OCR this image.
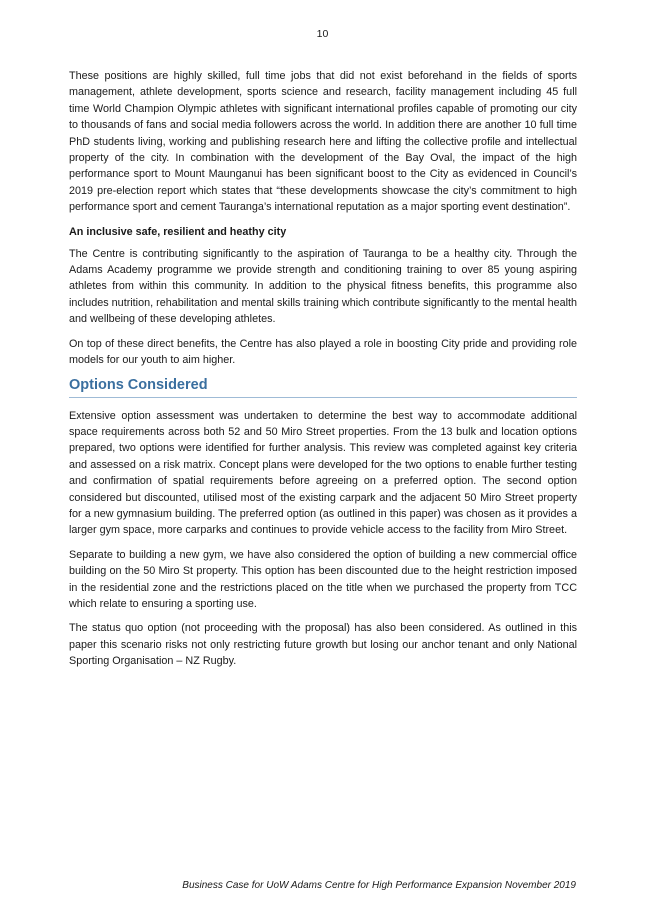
10

These positions are highly skilled, full time jobs that did not exist beforehand in the fields of sports management, athlete development, sports science and research, facility management including 45 full time World Champion Olympic athletes with significant international profiles capable of promoting our city to thousands of fans and social media followers across the world. In addition there are another 10 full time PhD students living, working and publishing research here and lifting the collective profile and intellectual property of the city. In combination with the development of the Bay Oval, the impact of the high performance sport to Mount Maunganui has been significant boost to the City as evidenced in Council’s 2019 pre-election report which states that “these developments showcase the city’s commitment to high performance sport and cement Tauranga’s international reputation as a major sporting event destination”.

An inclusive safe, resilient and heathy city

The Centre is contributing significantly to the aspiration of Tauranga to be a healthy city. Through the Adams Academy programme we provide strength and conditioning training to over 85 young aspiring athletes from within this community. In addition to the physical fitness benefits, this programme also includes nutrition, rehabilitation and mental skills training which contribute significantly to the mental health and wellbeing of these developing athletes.

On top of these direct benefits, the Centre has also played a role in boosting City pride and providing role models for our youth to aim higher.

Options Considered

Extensive option assessment was undertaken to determine the best way to accommodate additional space requirements across both 52 and 50 Miro Street properties. From the 13 bulk and location options prepared, two options were identified for further analysis. This review was completed against key criteria and assessed on a risk matrix. Concept plans were developed for the two options to enable further testing and confirmation of spatial requirements before agreeing on a preferred option. The second option considered but discounted, utilised most of the existing carpark and the adjacent 50 Miro Street property for a new gymnasium building. The preferred option (as outlined in this paper) was chosen as it provides a larger gym space, more carparks and continues to provide vehicle access to the facility from Miro Street.

Separate to building a new gym, we have also considered the option of building a new commercial office building on the 50 Miro St property. This option has been discounted due to the height restriction imposed in the residential zone and the restrictions placed on the title when we purchased the property from TCC which relate to ensuring a sporting use.

The status quo option (not proceeding with the proposal) has also been considered. As outlined in this paper this scenario risks not only restricting future growth but losing our anchor tenant and only National Sporting Organisation – NZ Rugby.

Business Case for UoW Adams Centre for High Performance Expansion November 2019
